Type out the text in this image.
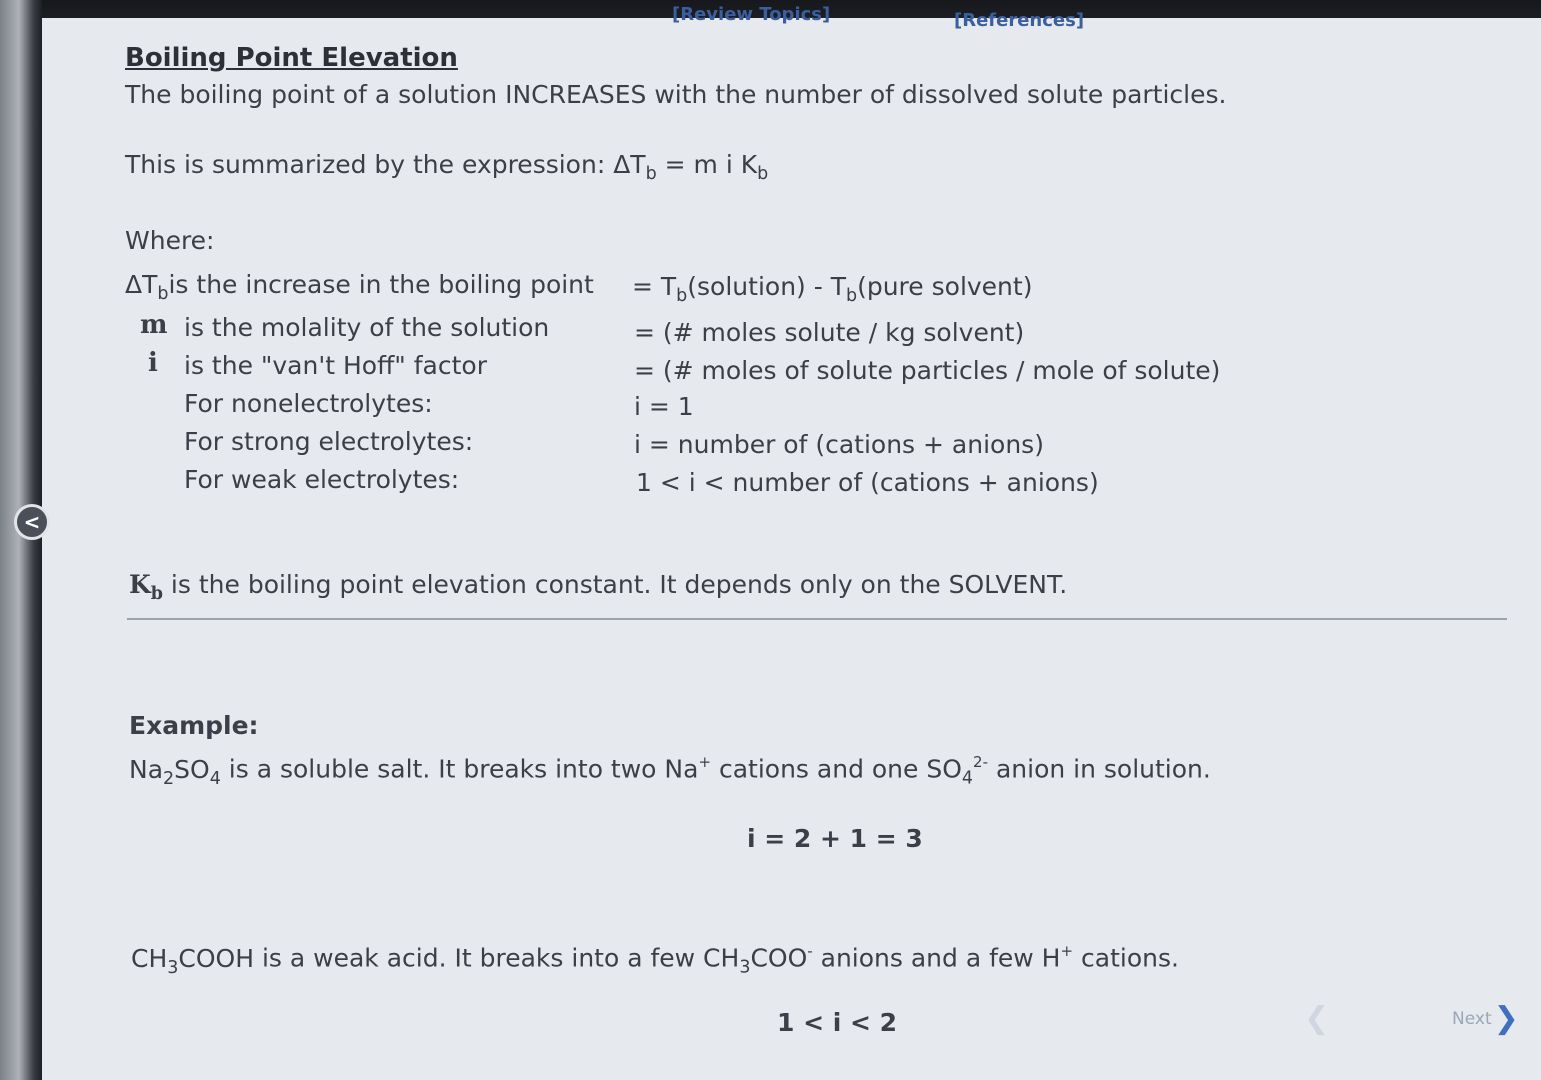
Boiling Point Elevation
The boiling point of a solution INCREASES with the number of dissolved solute particles.
This is summarized by the expression: $\Delta T_b = m$ i $K_b$
Where:
$\Delta T_bis$ the increase in the boiling point = $T_b(solution)$ - $T_b(pure$ solvent)
m is the molality of the solution	= (# moles solute / kg solvent)
i is the "van't Hoff" factor	= (# moles of solute particles / mole of solute)
For nonelectrolytes:	i = 1
For strong electrolytes:	i = number of (cations + anions)
For weak electrolytes:	1 < i < number of (cations + anions)
$K_b$ is the boiling point elevation constant. It depends only on the SOLVENT.
Example:
$Na_2SO_4$ is a soluble salt. It breaks into two Na+ cations and one $SO_4^{2-}$ anion in solution.
i = 2 + 1 = 3
$CH_3COOH$ is a weak acid. It breaks into a few $CH_3COO^-$ anions and a few H+ cations.
1 < i < 2	❮	Next ❯
[Review Topics]	[References]
<
